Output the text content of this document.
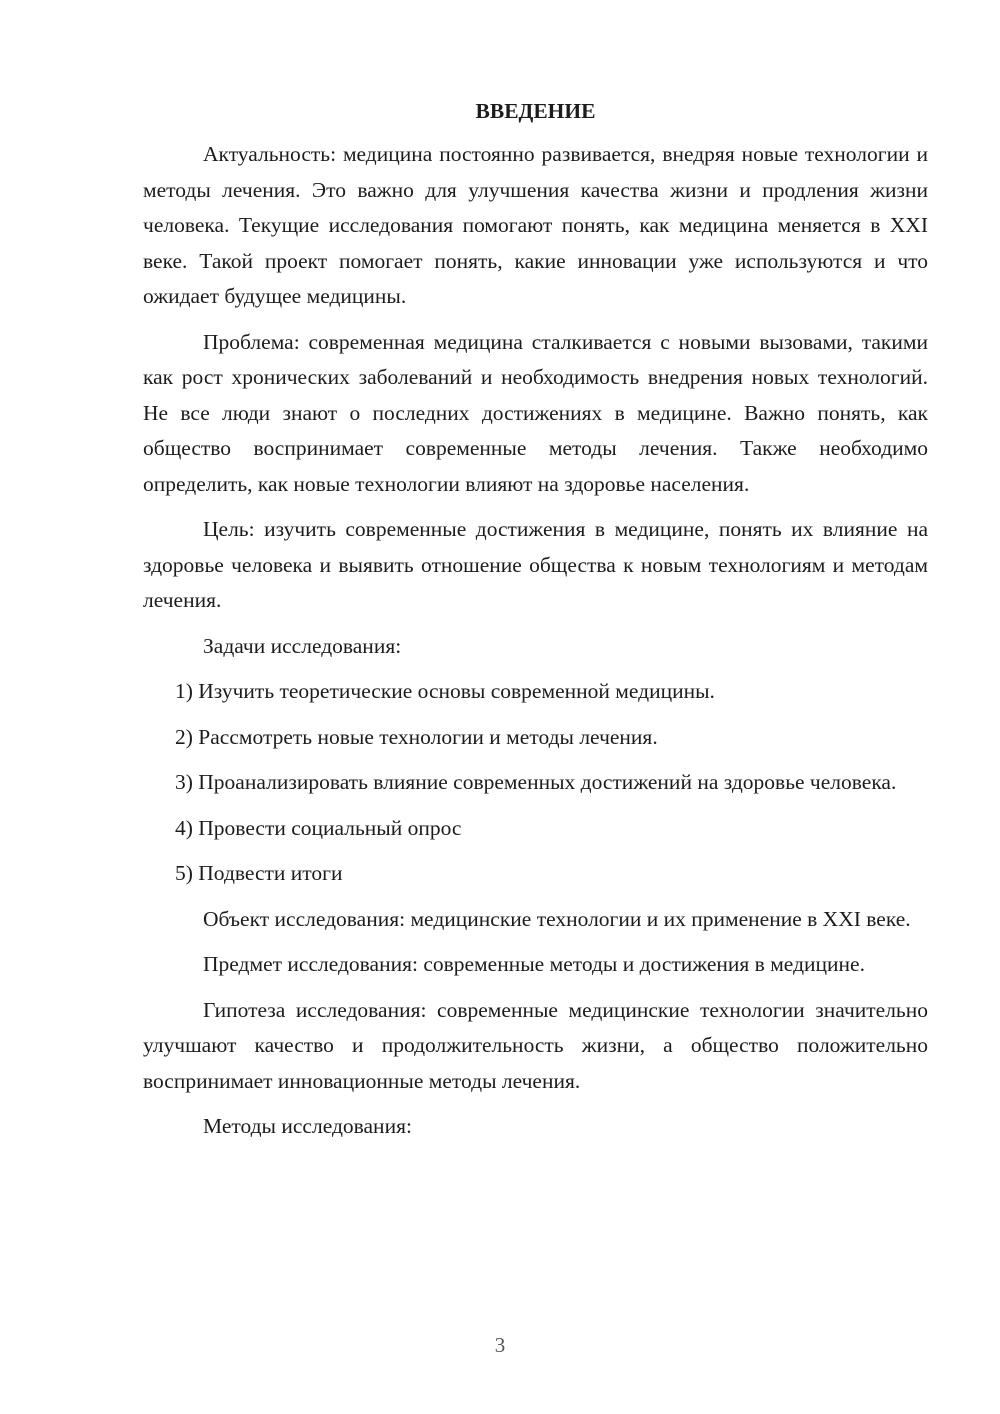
ВВЕДЕНИЕ

Актуальность: медицина постоянно развивается, внедряя новые технологии и методы лечения. Это важно для улучшения качества жизни и продления жизни человека. Текущие исследования помогают понять, как медицина меняется в XXI веке. Такой проект помогает понять, какие инновации уже используются и что ожидает будущее медицины.

Проблема: современная медицина сталкивается с новыми вызовами, такими как рост хронических заболеваний и необходимость внедрения новых технологий. Не все люди знают о последних достижениях в медицине. Важно понять, как общество воспринимает современные методы лечения. Также необходимо определить, как новые технологии влияют на здоровье населения.

Цель: изучить современные достижения в медицине, понять их влияние на здоровье человека и выявить отношение общества к новым технологиям и методам лечения.

Задачи исследования:

1) Изучить теоретические основы современной медицины.

2) Рассмотреть новые технологии и методы лечения.

3) Проанализировать влияние современных достижений на здоровье человека.

4) Провести социальный опрос

5) Подвести итоги

Объект исследования: медицинские технологии и их применение в XXI веке.

Предмет исследования: современные методы и достижения в медицине.

Гипотеза исследования: современные медицинские технологии значительно улучшают качество и продолжительность жизни, а общество положительно воспринимает инновационные методы лечения.

Методы исследования:

3
